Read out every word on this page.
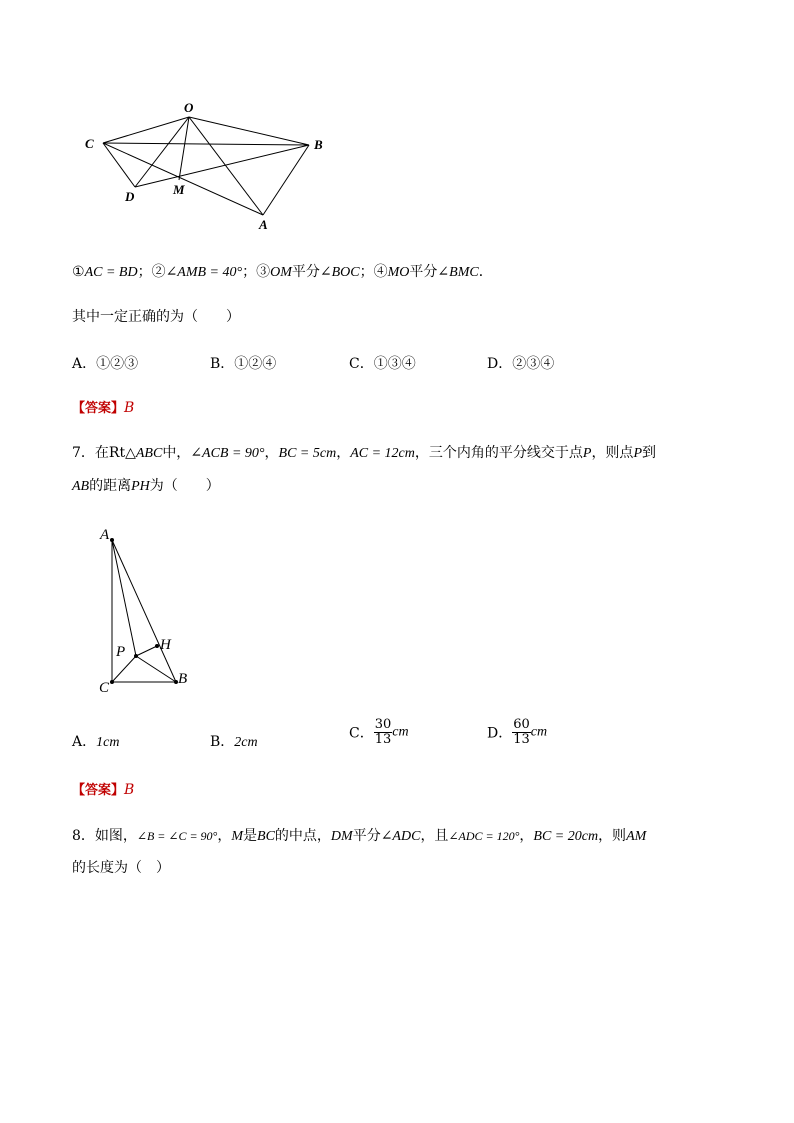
O
C	B
D	M
A
①AC = BD；②∠AMB = 40°；③OM平分∠BOC；④MO平分∠BMC．
其中一定正确的为（　　）
A．①②③	B．①②④	C．①③④	D．②③④
【答案】B
7．在Rt△ABC中，∠ACB = 90°，BC = 5cm，AC = 12cm，三个内角的平分线交于点P，则点P到
AB的距离PH为（　　）
A
P H
C
B
A．1cm	B．2cm
C． $\frac{30}{13}$ cm	D． $\frac{60}{13}$ cm
【答案】B
8．如图，∠B = ∠C = 90°，M是BC的中点，DM平分∠ADC，且∠ADC = 120°，BC = 20cm，则AM
的长度为（　）
